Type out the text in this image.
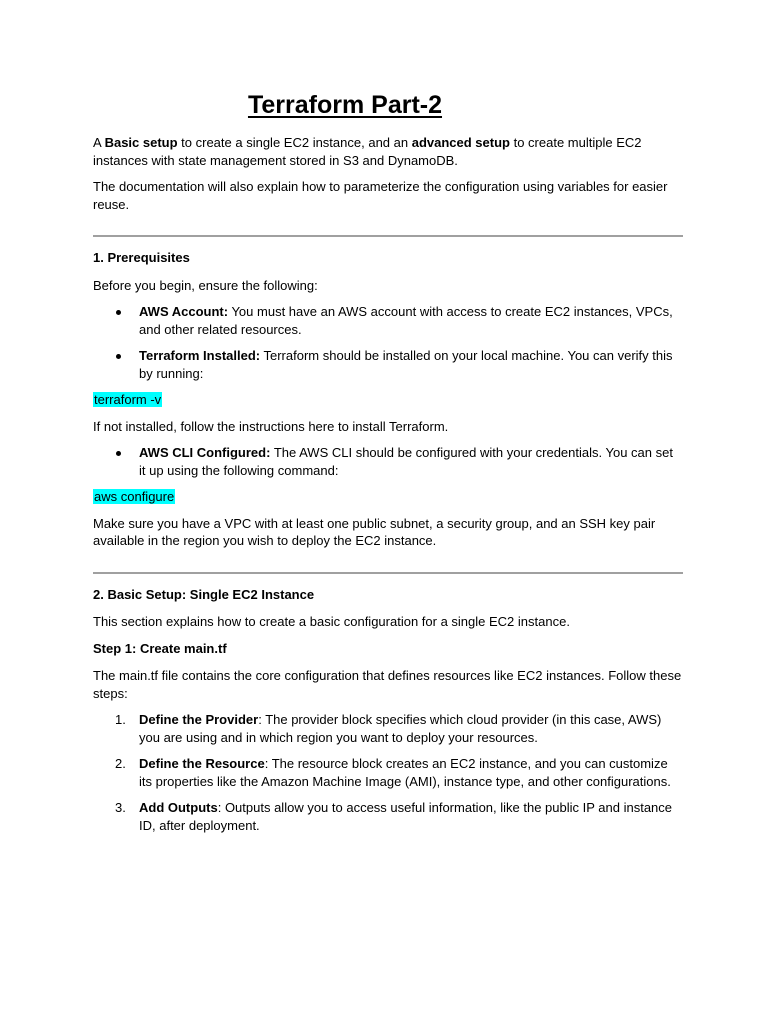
Terraform Part-2

A Basic setup to create a single EC2 instance, and an advanced setup to create multiple EC2 instances with state management stored in S3 and DynamoDB.

The documentation will also explain how to parameterize the configuration using variables for easier reuse.

1. Prerequisites

Before you begin, ensure the following:

AWS Account: You must have an AWS account with access to create EC2 instances, VPCs, and other related resources.
Terraform Installed: Terraform should be installed on your local machine. You can verify this by running:

terraform -v

If not installed, follow the instructions here to install Terraform.

AWS CLI Configured: The AWS CLI should be configured with your credentials. You can set it up using the following command:

aws configure

Make sure you have a VPC with at least one public subnet, a security group, and an SSH key pair available in the region you wish to deploy the EC2 instance.

2. Basic Setup: Single EC2 Instance

This section explains how to create a basic configuration for a single EC2 instance.

Step 1: Create main.tf

The main.tf file contains the core configuration that defines resources like EC2 instances. Follow these steps:

1. Define the Provider: The provider block specifies which cloud provider (in this case, AWS) you are using and in which region you want to deploy your resources.
2. Define the Resource: The resource block creates an EC2 instance, and you can customize its properties like the Amazon Machine Image (AMI), instance type, and other configurations.
3. Add Outputs: Outputs allow you to access useful information, like the public IP and instance ID, after deployment.
